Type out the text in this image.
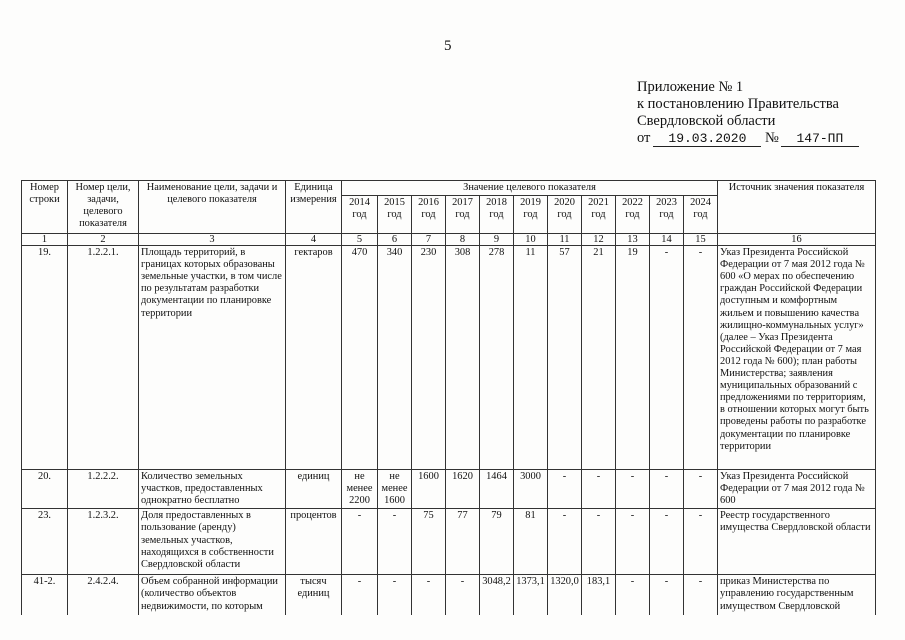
5
Приложение № 1
к постановлению Правительства
Свердловской области
от 19.03.2020 № 147-ПП
Номер строки	Номер цели, задачи, целевого показателя	Наименование цели, задачи и целевого показателя	Единица измерения	Значение целевого показателя											Источник значения показателя
				2014 год	2015 год	2016 год	2017 год	2018 год	2019 год	2020 год	2021 год	2022 год	2023 год	2024 год	
1	2	3	4	5	6	7	8	9	10	11	12	13	14	15	16
19.	1.2.2.1.	Площадь территорий, в границах которых образованы земельные участки, в том числе по результатам разработки документации по планировке территории	гектаров	470	340	230	308	278	11	57	21	19	-	-	Указ Президента Российской Федерации от 7 мая 2012 года № 600 «О мерах по обеспечению граждан Российской Федерации доступным и комфортным жильем и повышению качества жилищно-коммунальных услуг» (далее – Указ Президента Российской Федерации от 7 мая 2012 года № 600); план работы Министерства; заявления муниципальных образований с предложениями по территориям, в отношении которых могут быть проведены работы по разработке документации по планировке территории
20.	1.2.2.2.	Количество земельных участков, предоставленных однократно бесплатно	единиц	не менее 2200	не менее 1600	1600	1620	1464	3000	-	-	-	-	-	Указ Президента Российской Федерации от 7 мая 2012 года № 600
23.	1.2.3.2.	Доля предоставленных в пользование (аренду) земельных участков, находящихся в собственности Свердловской области	процентов	-	-	75	77	79	81	-	-	-	-	-	Реестр государственного имущества Свердловской области
41-2.	2.4.2.4.	Объем собранной информации (количество объектов недвижимости, по которым	тысяч единиц	-	-	-	-	3048,2	1373,1	1320,0	183,1	-	-	-	приказ Министерства по управлению государственным имуществом Свердловской
